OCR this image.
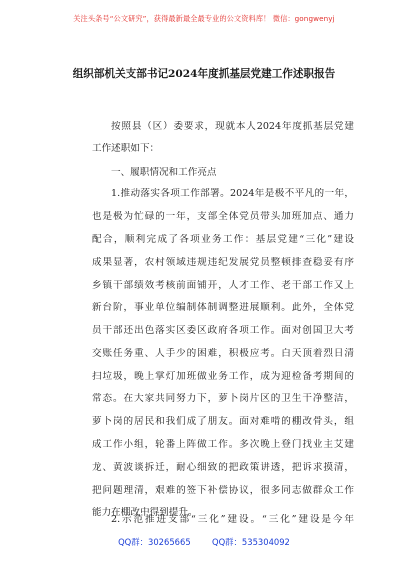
关注头条号“公文研究”，获得最新最全最专业的公文资料库！ 微信：gongwenyj
组织部机关支部书记2024年度抓基层党建工作述职报告
按照县（区）委要求，现就本人2024年度抓基层党建
工作述职如下：
一、履职情况和工作亮点
1.推动落实各项工作部署。2024年是极不平凡的一年，
也是极为忙碌的一年，支部全体党员带头加班加点、通力
配合，顺利完成了各项业务工作：基层党建“三化”建设
成果显著，农村领域违规违纪发展党员整顿排查稳妥有序
乡镇干部绩效考核前面铺开，人才工作、老干部工作又上
新台阶，事业单位编制体制调整进展顺利。此外，全体党
员干部还出色落实区委区政府各项工作。面对创国卫大考
交账任务重、人手少的困难，积极应考。白天顶着烈日清
扫垃圾，晚上掌灯加班做业务工作，成为迎检备考期间的
常态。在大家共同努力下，萝卜岗片区的卫生干净整洁，
萝卜岗的居民和我们成了朋友。面对难啃的棚改骨头，组
成工作小组，轮番上阵做工作。多次晚上登门找业主艾建
龙、黄波谈拆迁，耐心细致的把政策讲透，把诉求摸清，
把问题理清，艰难的签下补偿协议，很多同志做群众工作
能力在棚改中得到提升。
2.示范推进支部“三化”建设。“三化”建设是今年
QQ群：30265665	QQ群：535304092
